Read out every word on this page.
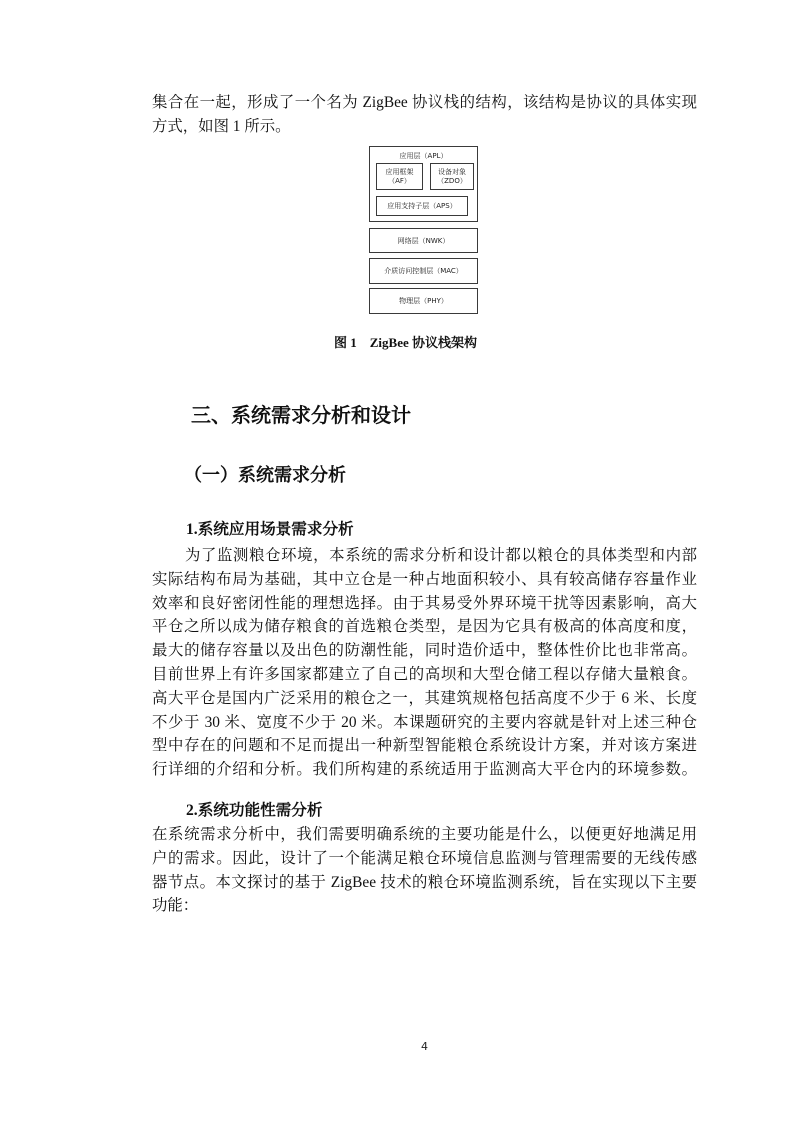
集合在一起，形成了一个名为 ZigBee 协议栈的结构，该结构是协议的具体实现
方式，如图 1 所示。
应用层（APL）
应用框架
（AF）
设备对象
（ZDO）
应用支持子层（APS）
网络层（NWK）
介质访问控制层（MAC）
物理层（PHY）
图 1 ZigBee 协议栈架构
三、系统需求分析和设计
（一）系统需求分析
1.系统应用场景需求分析
为了监测粮仓环境，本系统的需求分析和设计都以粮仓的具体类型和内部
实际结构布局为基础，其中立仓是一种占地面积较小、具有较高储存容量作业
效率和良好密闭性能的理想选择。由于其易受外界环境干扰等因素影响，高大
平仓之所以成为储存粮食的首选粮仓类型，是因为它具有极高的体高度和度，
最大的储存容量以及出色的防潮性能，同时造价适中，整体性价比也非常高。
目前世界上有许多国家都建立了自己的高坝和大型仓储工程以存储大量粮食。
高大平仓是国内广泛采用的粮仓之一，其建筑规格包括高度不少于 6 米、长度
不少于 30 米、宽度不少于 20 米。本课题研究的主要内容就是针对上述三种仓
型中存在的问题和不足而提出一种新型智能粮仓系统设计方案，并对该方案进
行详细的介绍和分析。我们所构建的系统适用于监测高大平仓内的环境参数。
2.系统功能性需分析
在系统需求分析中，我们需要明确系统的主要功能是什么，以便更好地满足用
户的需求。因此，设计了一个能满足粮仓环境信息监测与管理需要的无线传感
器节点。本文探讨的基于 ZigBee 技术的粮仓环境监测系统，旨在实现以下主要
功能：
4
